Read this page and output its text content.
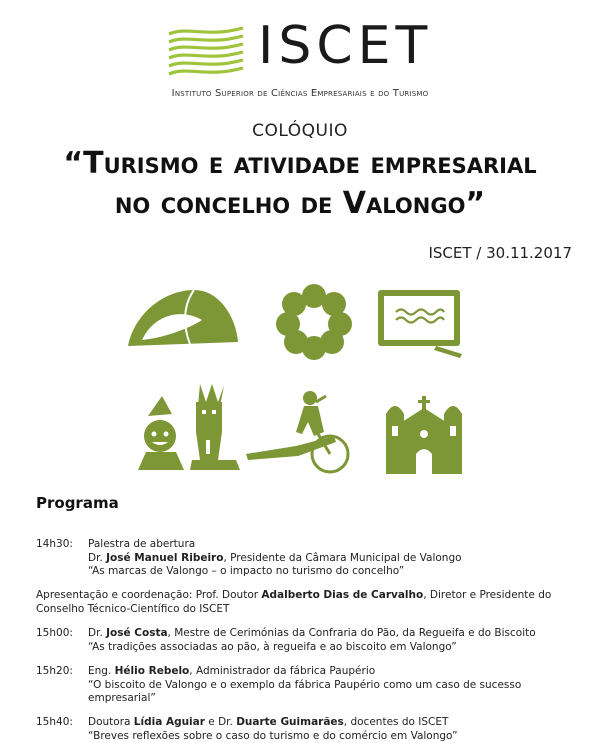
ISCET
Instituto Superior de Ciências Empresariais e do Turismo
COLÓQUIO
“Turismo e atividade empresarial
no concelho de Valongo”
ISCET / 30.11.2017
Programa
14h30:	Palestra de abertura
Dr. José Manuel Ribeiro, Presidente da Câmara Municipal de Valongo
“As marcas de Valongo – o impacto no turismo do concelho”
Apresentação e coordenação: Prof. Doutor Adalberto Dias de Carvalho, Diretor e Presidente do Conselho Técnico-Científico do ISCET
15h00:	Dr. José Costa, Mestre de Cerimónias da Confraria do Pão, da Regueifa e do Biscoito
“As tradições associadas ao pão, à regueifa e ao biscoito em Valongo”
15h20:	Eng. Hélio Rebelo, Administrador da fábrica Paupério
“O biscoito de Valongo e o exemplo da fábrica Paupério como um caso de sucesso empresarial”
15h40:	Doutora Lídia Aguiar e Dr. Duarte Guimarães, docentes do ISCET
“Breves reflexões sobre o caso do turismo e do comércio em Valongo”
